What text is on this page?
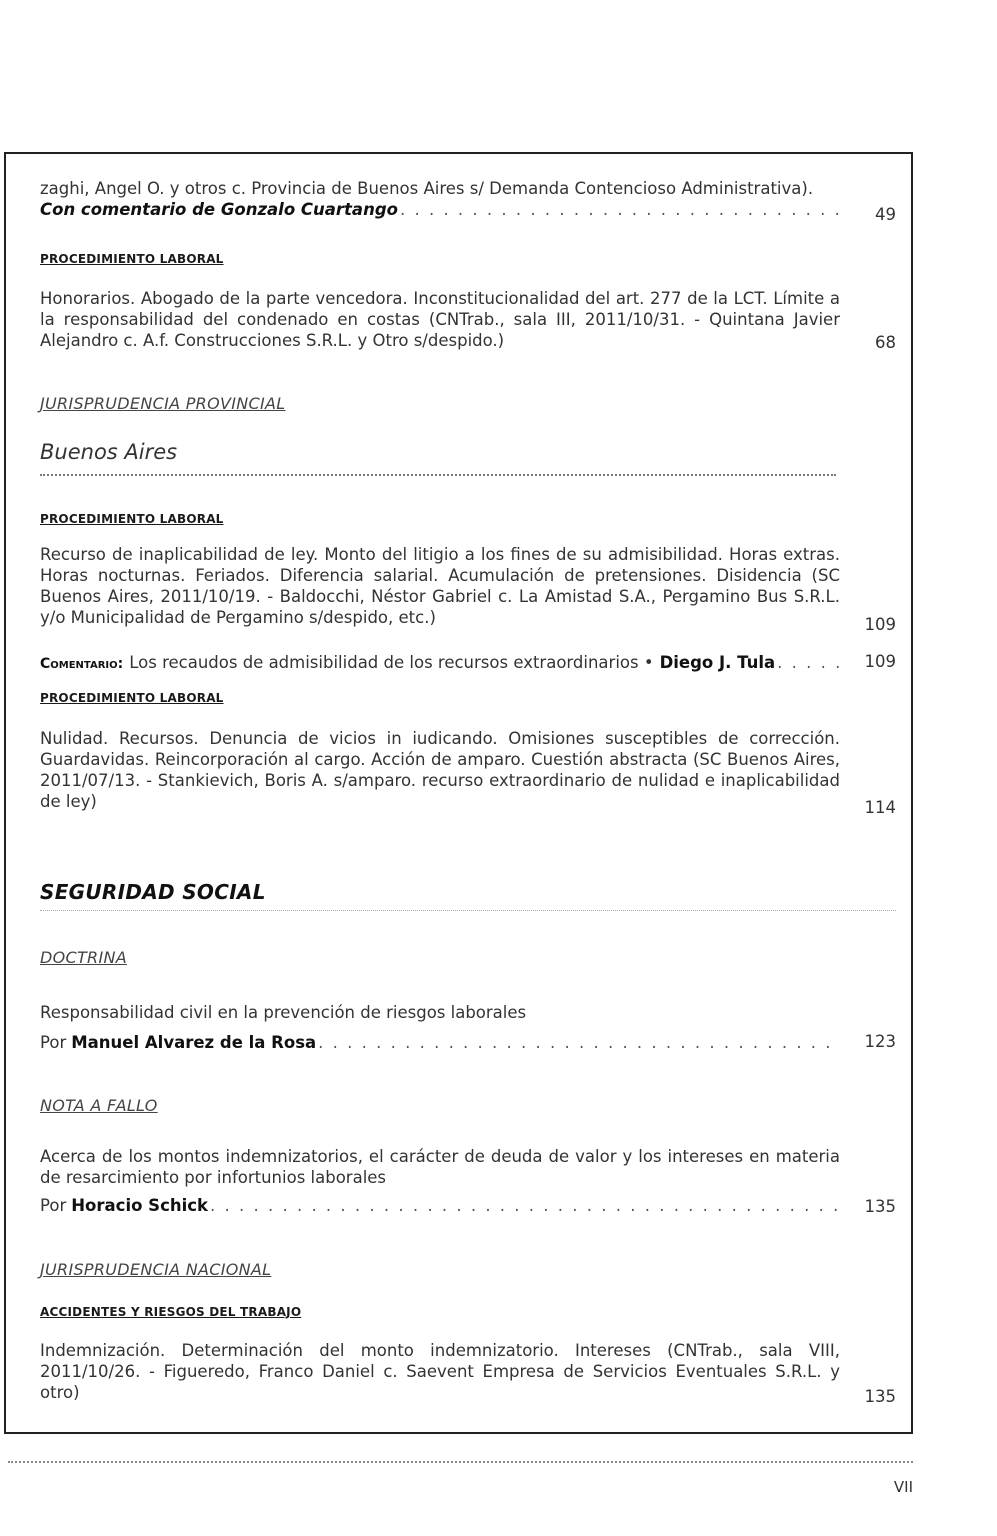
zaghi, Angel O. y otros c. Provincia de Buenos Aires s/ Demanda Contencioso Administrativa).
Con comentario de Gonzalo Cuartango . . .	49
PROCEDIMIENTO LABORAL
Honorarios. Abogado de la parte vencedora. Inconstitucionalidad del art. 277 de la LCT. Límite a la responsabilidad del condenado en costas (CNTrab., sala III, 2011/10/31. - Quintana Javier Alejandro c. A.f. Construcciones S.R.L. y Otro s/despido.)	68
JURISPRUDENCIA PROVINCIAL
Buenos Aires
PROCEDIMIENTO LABORAL
Recurso de inaplicabilidad de ley. Monto del litigio a los fines de su admisibilidad. Horas extras. Horas nocturnas. Feriados. Diferencia salarial. Acumulación de pretensiones. Disidencia (SC Buenos Aires, 2011/10/19. - Baldocchi, Néstor Gabriel c. La Amistad S.A., Pergamino Bus S.R.L. y/o Municipalidad de Pergamino s/despido, etc.)	109
Comentario: Los recaudos de admisibilidad de los recursos extraordinarios • Diego J. Tula . . .	109
PROCEDIMIENTO LABORAL
Nulidad. Recursos. Denuncia de vicios in iudicando. Omisiones susceptibles de corrección. Guardavidas. Reincorporación al cargo. Acción de amparo. Cuestión abstracta (SC Buenos Aires, 2011/07/13. - Stankievich, Boris A. s/amparo. recurso extraordinario de nulidad e inaplicabilidad de ley)	114
SEGURIDAD SOCIAL
DOCTRINA
Responsabilidad civil en la prevención de riesgos laborales
Por Manuel Alvarez de la Rosa . . .	123
NOTA A FALLO
Acerca de los montos indemnizatorios, el carácter de deuda de valor y los intereses en materia de resarcimiento por infortunios laborales
Por Horacio Schick . . .	135
JURISPRUDENCIA NACIONAL
ACCIDENTES Y RIESGOS DEL TRABAJO
Indemnización. Determinación del monto indemnizatorio. Intereses (CNTrab., sala VIII, 2011/10/26. - Figueredo, Franco Daniel c. Saevent Empresa de Servicios Eventuales S.R.L. y otro)	135
VII
